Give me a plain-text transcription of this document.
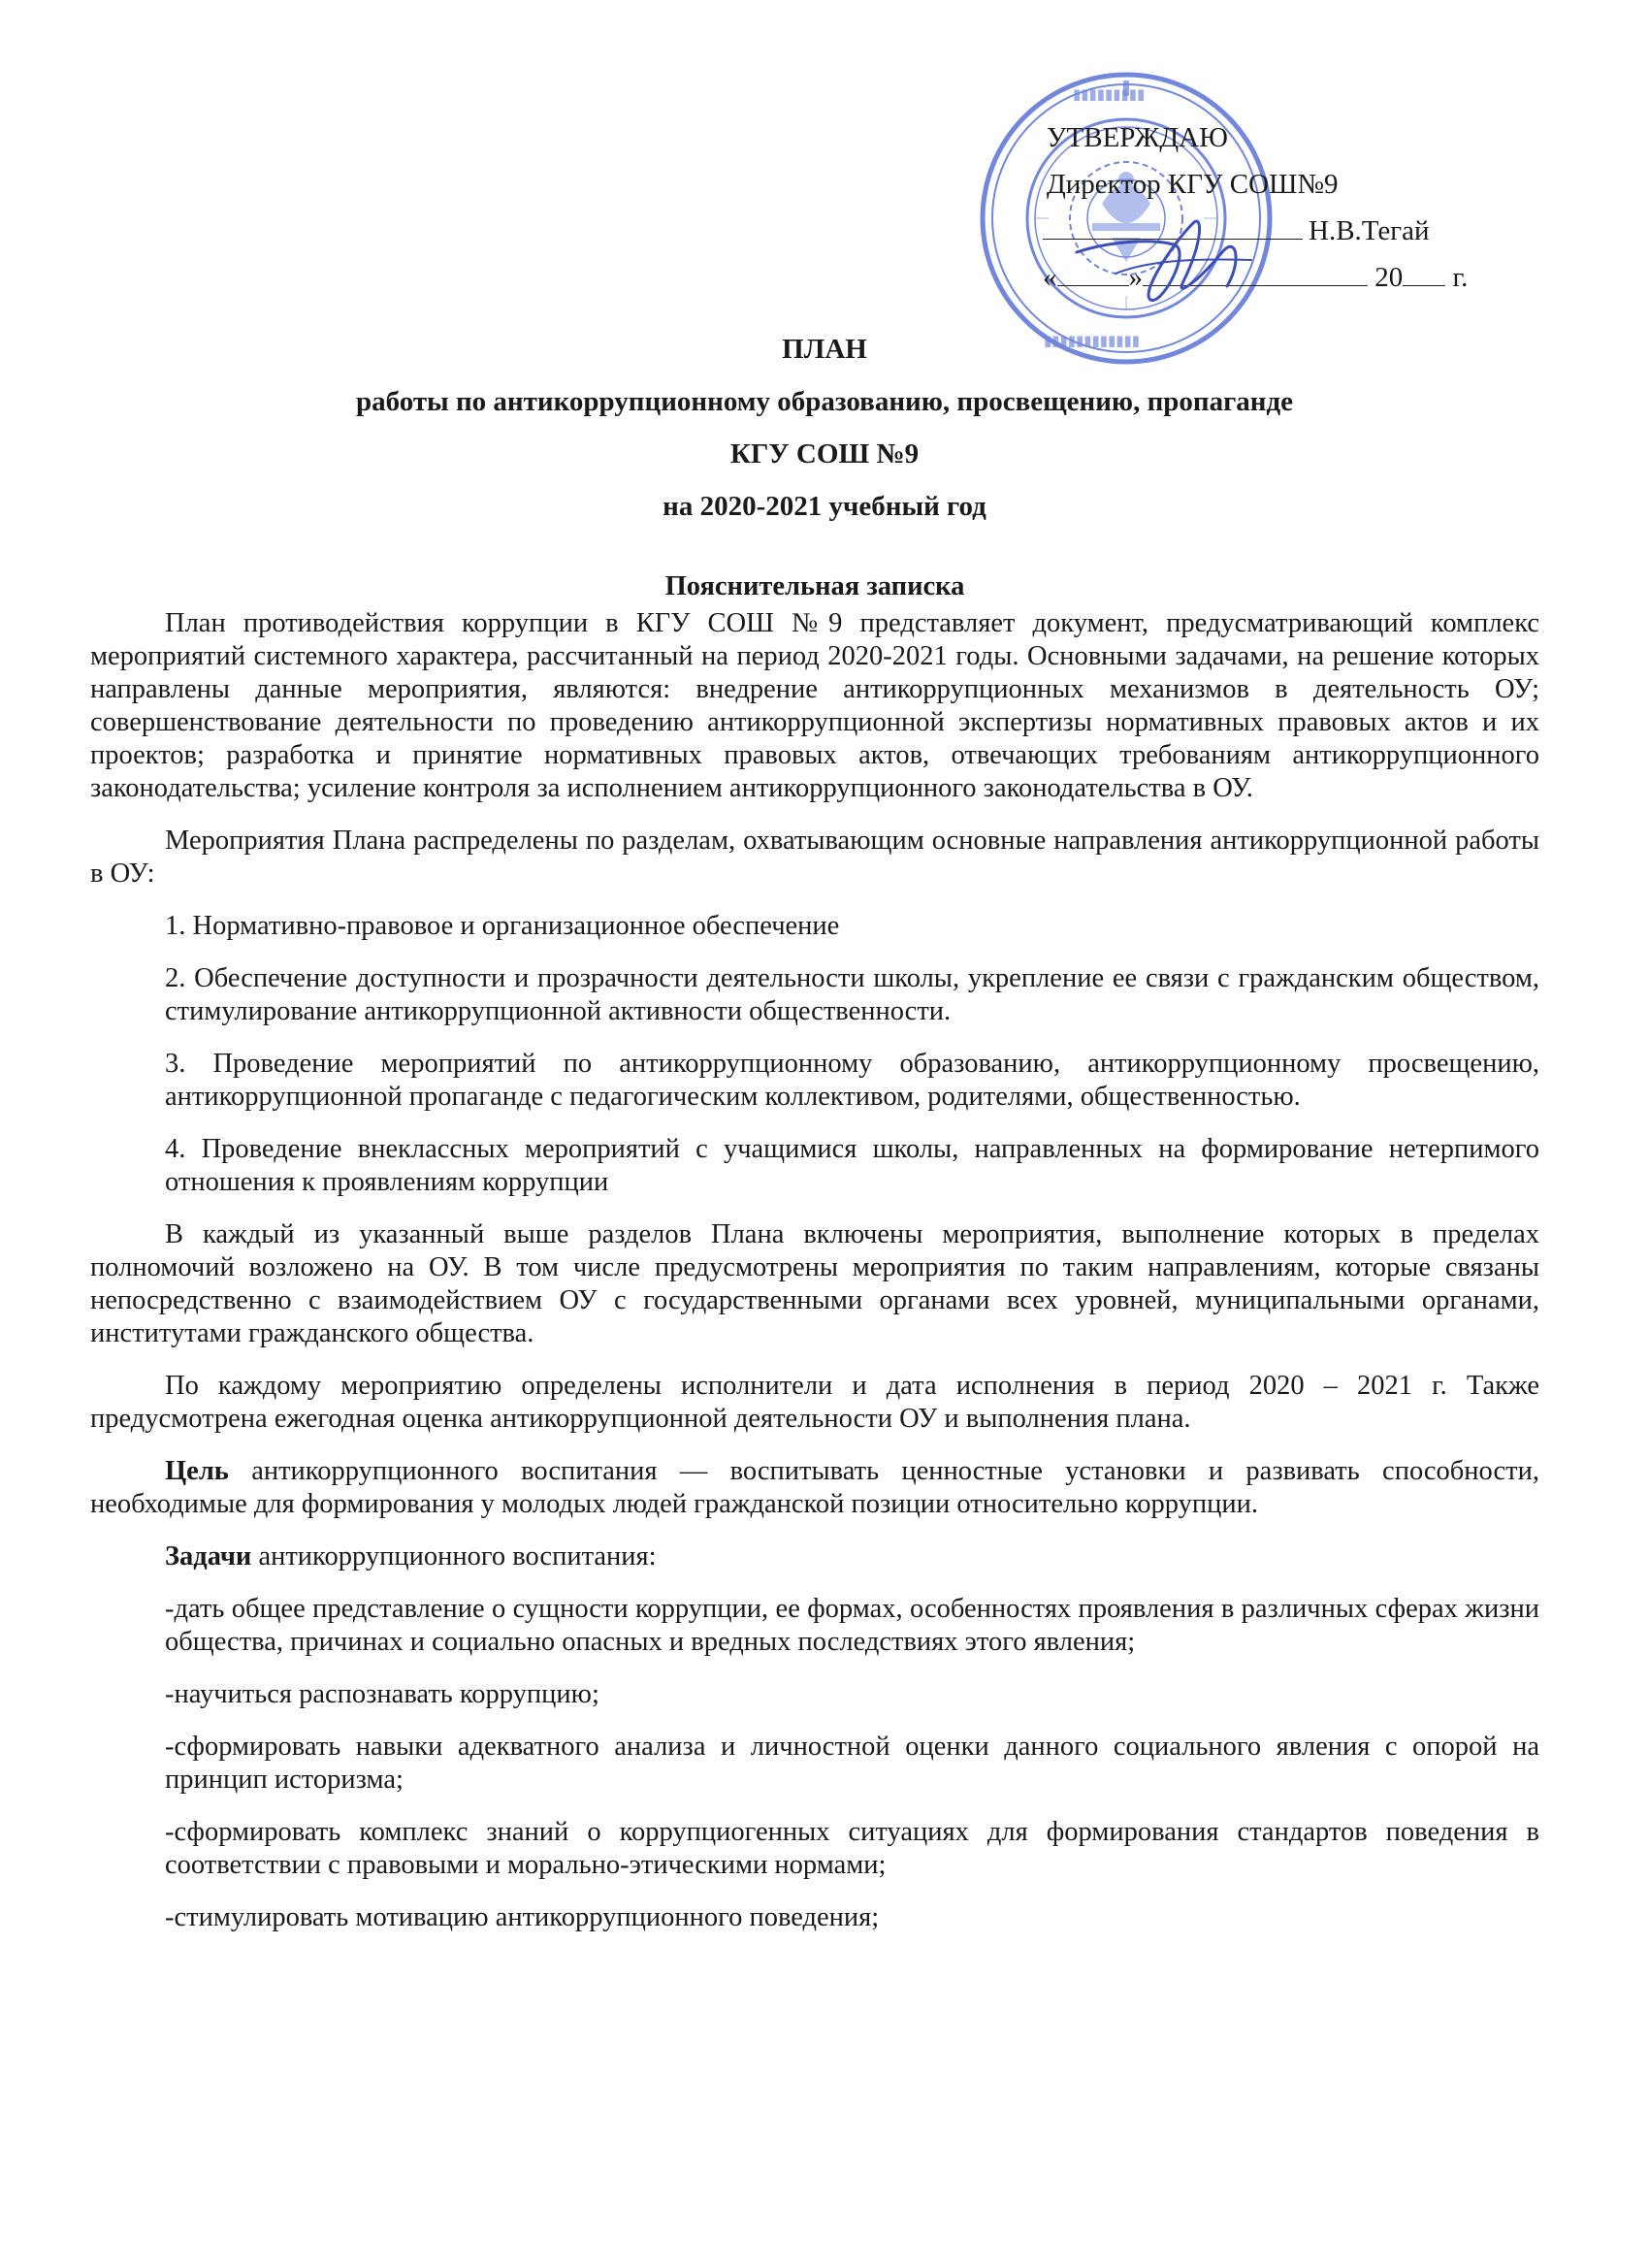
▮▮▮▮▮▮▮▮▮
▮▮▮▮▮▮▮▮▮▮▮▮
УТВЕРЖДАЮ
Директор КГУ СОШ№9
Н.В.Тегай
«	»	20 г.
ПЛАН
работы по антикоррупционному образованию, просвещению, пропаганде
КГУ СОШ №9
на 2020-2021 учебный год
Пояснительная записка

План противодействия коррупции в КГУ СОШ №9 представляет документ, предусматривающий комплекс мероприятий системного характера, рассчитанный на период 2020-2021 годы. Основными задачами, на решение которых направлены данные мероприятия, являются: внедрение антикоррупционных механизмов в деятельность ОУ; совершенствование деятельности по проведению антикоррупционной экспертизы нормативных правовых актов и их проектов; разработка и принятие нормативных правовых актов, отвечающих требованиям антикоррупционного законодательства; усиление контроля за исполнением антикоррупционного законодательства в ОУ.

Мероприятия Плана распределены по разделам, охватывающим основные направления антикоррупционной работы в ОУ:

1. Нормативно-правовое и организационное обеспечение

2. Обеспечение доступности и прозрачности деятельности школы, укрепление ее связи с гражданским обществом, стимулирование антикоррупционной активности общественности.

3. Проведение мероприятий по антикоррупционному образованию, антикоррупционному просвещению, антикоррупционной пропаганде с педагогическим коллективом, родителями, общественностью.

4. Проведение внеклассных мероприятий с учащимися школы, направленных на формирование нетерпимого отношения к проявлениям коррупции

В каждый из указанный выше разделов Плана включены мероприятия, выполнение которых в пределах полномочий возложено на ОУ. В том числе предусмотрены мероприятия по таким направлениям, которые связаны непосредственно с взаимодействием ОУ с государственными органами всех уровней, муниципальными органами, институтами гражданского общества.

По каждому мероприятию определены исполнители и дата исполнения в период 2020 – 2021 г. Также предусмотрена ежегодная оценка антикоррупционной деятельности ОУ и выполнения плана.

Цель антикоррупционного воспитания — воспитывать ценностные установки и развивать способности, необходимые для формирования у молодых людей гражданской позиции относительно коррупции.

Задачи антикоррупционного воспитания:

-дать общее представление о сущности коррупции, ее формах, особенностях проявления в различных сферах жизни общества, причинах и социально опасных и вредных последствиях этого явления;

-научиться распознавать коррупцию;

-сформировать навыки адекватного анализа и личностной оценки данного социального явления с опорой на принцип историзма;

-сформировать комплекс знаний о коррупциогенных ситуациях для формирования стандартов поведения в соответствии с правовыми и морально-этическими нормами;

-стимулировать мотивацию антикоррупционного поведения;
